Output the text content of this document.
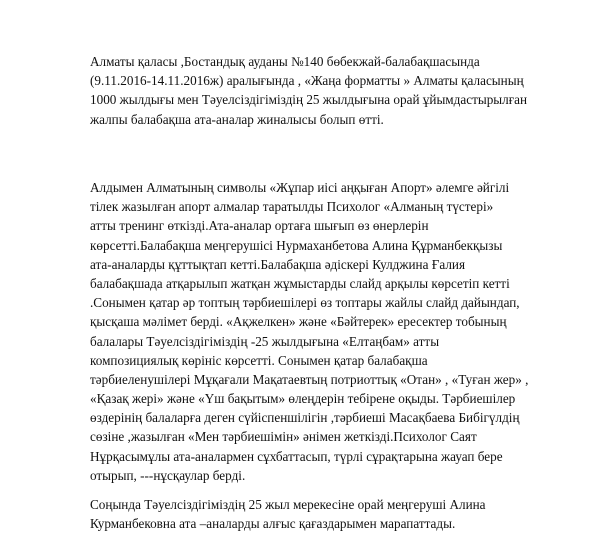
Алматы қаласы ,Бостандық ауданы №140 бөбекжай-балабақшасында
(9.11.2016-14.11.2016ж) аралығында , «Жаңа форматты » Алматы қаласының
1000 жылдығы мен Тәуелсіздігімiздің 25 жылдығына орай ұйымдастырылған
жалпы балабақша ата-аналар жиналысы болып өтті.
Алдымен Алматының символы «Жұпар иісі аңқыған Апорт» әлемге әйгілі
тілек жазылған апорт алмалар таратылды Психолог «Алманың түстері»
атты тренинг өткізді.Ата-аналар ортаға шығып өз өнерлерін
көрсетті.Балабақша меңгерушісі Нурмаханбетова Алина Құрманбекқызы
ата-аналарды құттықтап кетті.Балабақша әдіскері Кулджина Ғалия
балабақшада атқарылып жатқан жұмыстарды слайд арқылы көрсетіп кетті
.Сонымен қатар әр топтың тәрбиешілері өз топтары жайлы слайд дайындап,
қысқаша мәлімет берді. «Ақжелкен» және «Бәйтерек» ересектер тобының
балалары Тәуелсіздігімiздің -25 жылдығына «Елтаңбам» атты
композициялық көрініс көрсетті. Сонымен қатар балабақша
тәрбиеленушілері Мұқағали Мақатаевтың потриоттық «Отан» , «Туған жер» ,
«Қазақ жері» және «Үш бақытым» өлеңдерін тебірене оқыды. Тәрбиешілер
өздерінің балаларға деген сүйіспеншілігін ,тәрбиеші Масақбаева Бибігүлдің
сөзіне ,жазылған «Мен тәрбиешімін» әнімен жеткізді.Психолог Саят
Нұрқасымұлы ата-аналармен сұхбаттасып, түрлі сұрақтарына жауап бере
отырып, ---нұсқаулар берді.
Соңында Тәуелсіздігімiздің 25 жыл мерекесіне орай меңгеруші Алина
Курманбековна ата –аналарды алғыс қағаздарымен марапаттады.
